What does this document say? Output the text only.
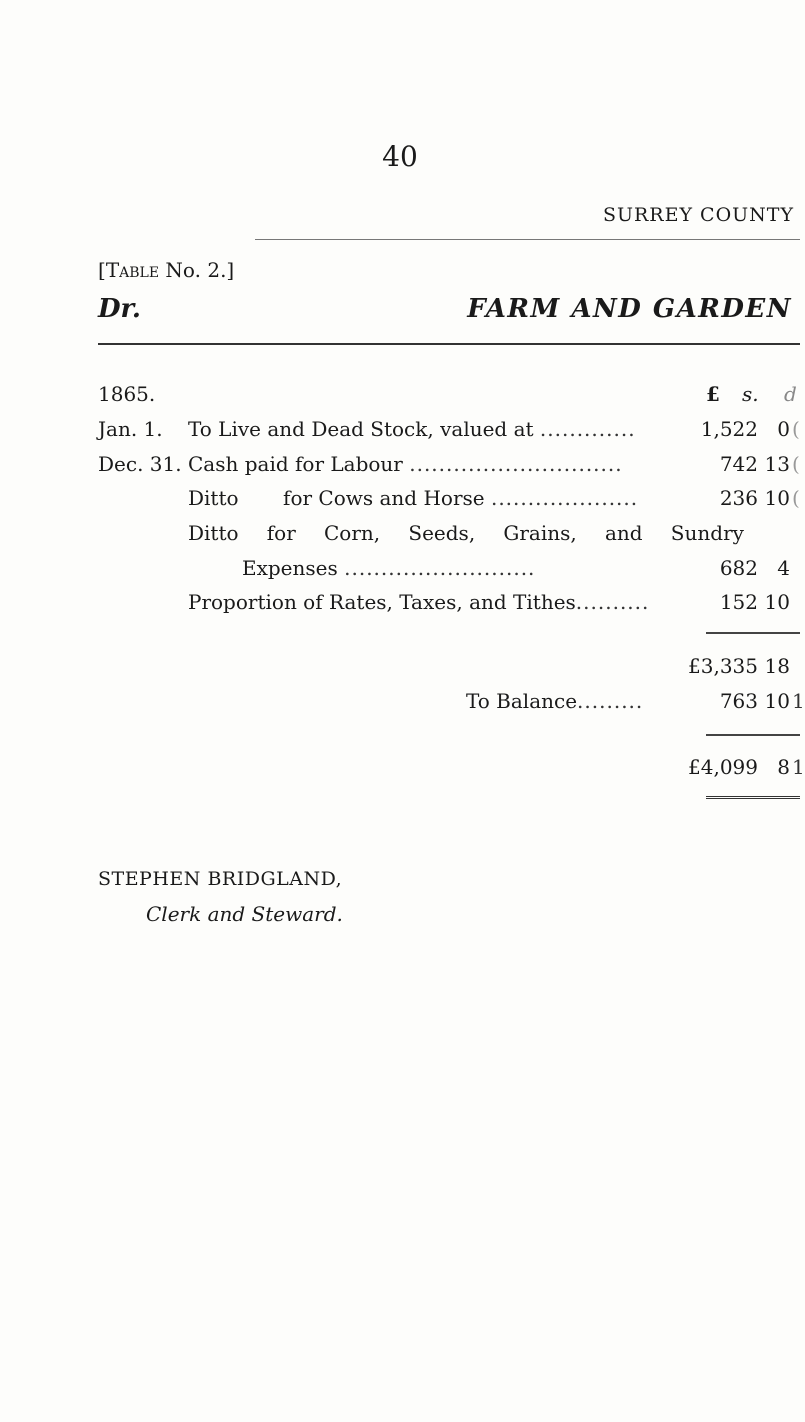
40
SURREY COUNTY
[Table No. 2.]
Dr.	FARM AND GARDEN
1865.	£ s. d
Jan. 1. To Live and Dead Stock, valued at .............	1,522 0 (
Dec. 31. Cash paid for Labour .............................	742 13 (
Ditto       for Cows and Horse ....................	236 10 (
Ditto for Corn, Seeds, Grains, and Sundry
Expenses ..........................	682 4
Proportion of Rates, Taxes, and Tithes..........	152 10
£3,335 18
To Balance.........	763 10 1
£4,099 8 1
STEPHEN BRIDGLAND,
Clerk and Steward.
